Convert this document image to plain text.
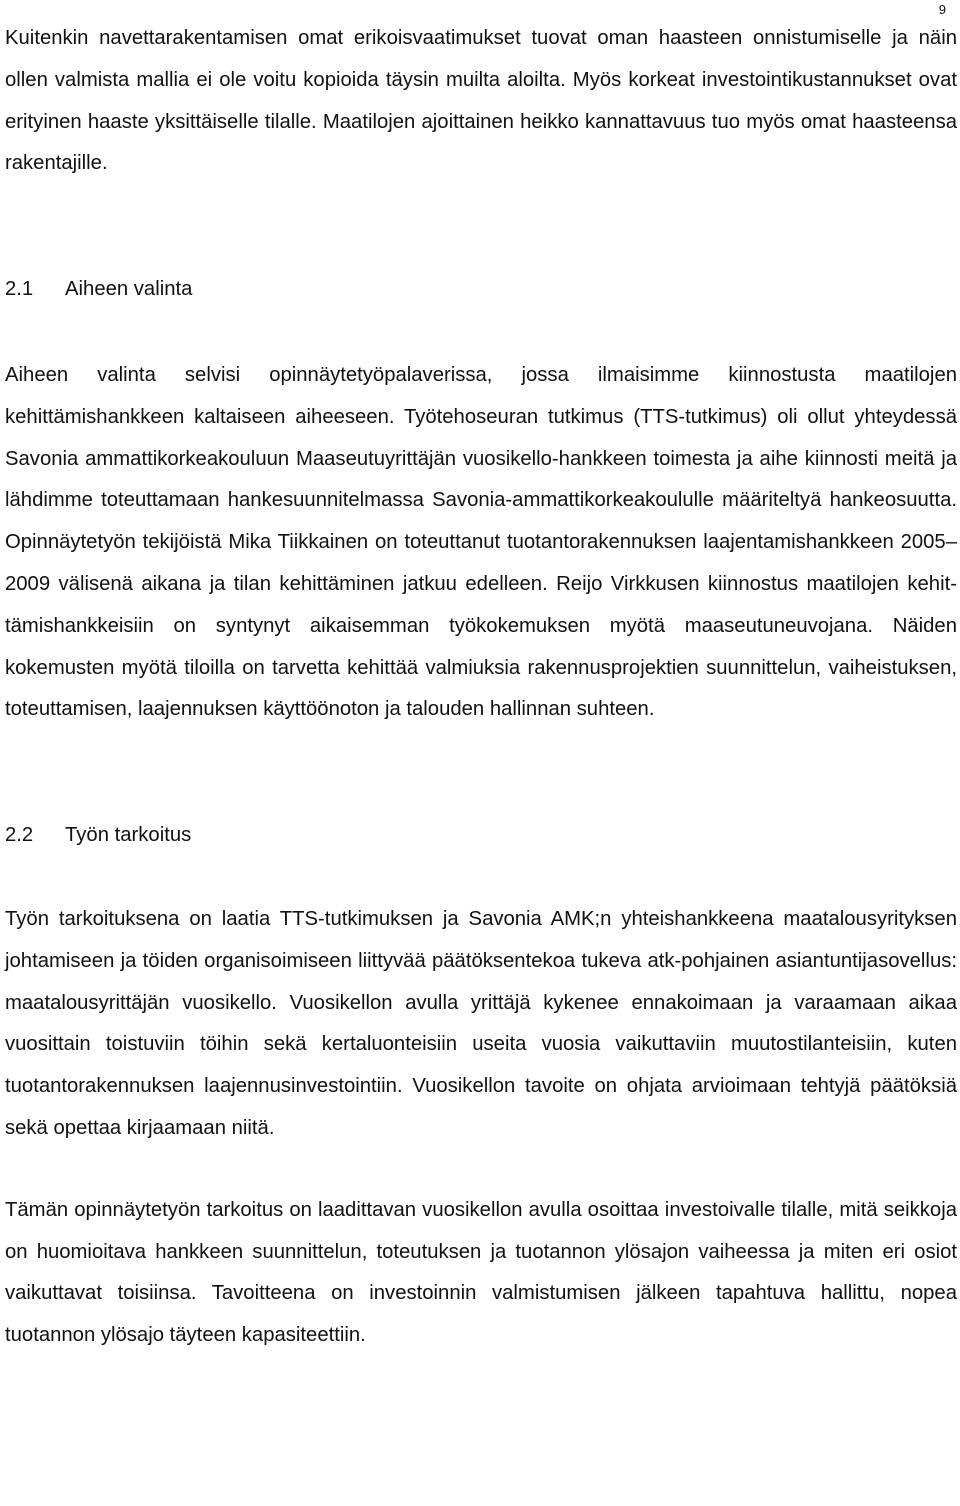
9

Kuitenkin navettarakentamisen omat erikoisvaatimukset tuovat oman haasteen onnistumiselle ja näin ollen valmista mallia ei ole voitu kopioida täysin muilta aloilta. Myös korkeat investointikustannukset ovat erityinen haaste yksittäiselle tilalle. Maatilojen ajoittainen heikko kannattavuus tuo myös omat haasteensa rakentajille.

2.1	Aiheen valinta

Aiheen valinta selvisi opinnäytetyöpalaverissa, jossa ilmaisimme kiinnostusta maatilojen kehittämishankkeen kaltaiseen aiheeseen. Työtehoseuran tutkimus (TTS-tutkimus) oli ollut yhteydessä Savonia ammattikorkeakouluun Maaseutuyrittäjän vuosikello-hankkeen toimesta ja aihe kiinnosti meitä ja lähdimme toteuttamaan hankesuunnitelmassa Savonia-ammattikorkeakoululle määriteltyä hankeosuutta. Opinnäytetyön tekijöistä Mika Tiikkainen on toteuttanut tuotantorakennuksen laajentamishankkeen 2005–2009 välisenä aikana ja tilan kehittäminen jatkuu edelleen. Reijo Virkkusen kiinnostus maatilojen kehittämishankkeisiin on syntynyt aikaisemman työkokemuksen myötä maaseutuneuvojana. Näiden kokemusten myötä tiloilla on tarvetta kehittää valmiuksia rakennusprojektien suunnittelun, vaiheistuksen, toteuttamisen, laajennuksen käyttöönoton ja talouden hallinnan suhteen.

2.2	Työn tarkoitus

Työn tarkoituksena on laatia TTS-tutkimuksen ja Savonia AMK;n yhteishankkeena maatalousyrityksen johtamiseen ja töiden organisoimiseen liittyvää päätöksentekoa tukeva atk-pohjainen asiantuntijasovellus: maatalousyrittäjän vuosikello. Vuosikellon avulla yrittäjä kykenee ennakoimaan ja varaamaan aikaa vuosittain toistuviin töihin sekä kertaluonteisiin useita vuosia vaikuttaviin muutostilanteisiin, kuten tuotantorakennuksen laajennusinvestointiin. Vuosikellon tavoite on ohjata arvioimaan tehtyjä päätöksiä sekä opettaa kirjaamaan niitä.

Tämän opinnäytetyön tarkoitus on laadittavan vuosikellon avulla osoittaa investoivalle tilalle, mitä seikkoja on huomioitava hankkeen suunnittelun, toteutuksen ja tuotannon ylösajon vaiheessa ja miten eri osiot vaikuttavat toisiinsa. Tavoitteena on investoinnin valmistumisen jälkeen tapahtuva hallittu, nopea tuotannon ylösajo täyteen kapasiteettiin.
